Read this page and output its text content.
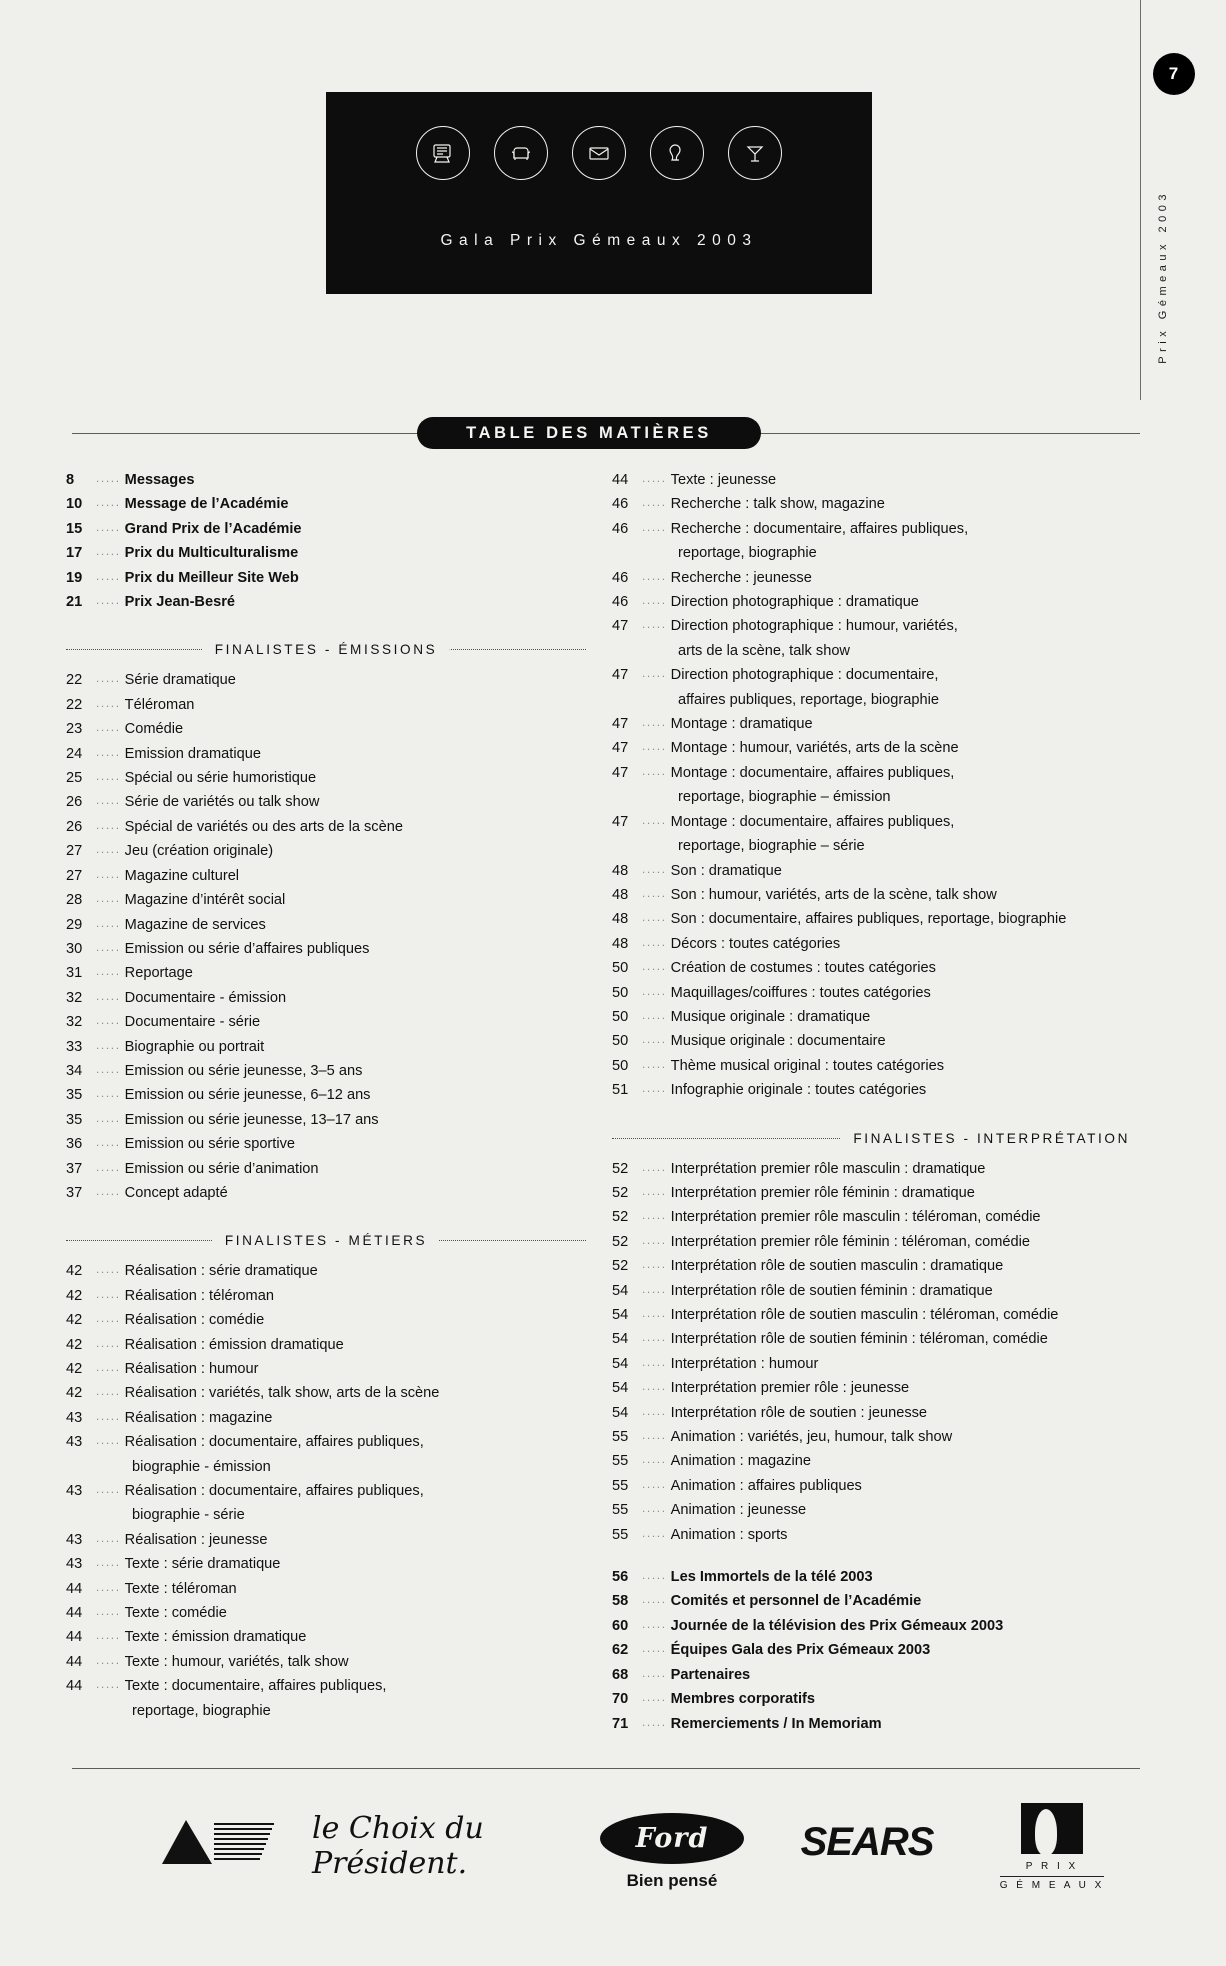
7
Prix Gémeaux 2003
Gala Prix Gémeaux 2003
TABLE DES MATIÈRES
8	..... Messages
10	..... Message de l’Académie
15	..... Grand Prix de l’Académie
17	..... Prix du Multiculturalisme
19	..... Prix du Meilleur Site Web
21	..... Prix Jean-Besré
FINALISTES - ÉMISSIONS
22	..... Série dramatique
22	..... Téléroman
23	..... Comédie
24	..... Emission dramatique
25	..... Spécial ou série humoristique
26	..... Série de variétés ou talk show
26	..... Spécial de variétés ou des arts de la scène
27	..... Jeu (création originale)
27	..... Magazine culturel
28	..... Magazine d’intérêt social
29	..... Magazine de services
30	..... Emission ou série d’affaires publiques
31	..... Reportage
32	..... Documentaire - émission
32	..... Documentaire - série
33	..... Biographie ou portrait
34	..... Emission ou série jeunesse, 3–5 ans
35	..... Emission ou série jeunesse, 6–12 ans
35	..... Emission ou série jeunesse, 13–17 ans
36	..... Emission ou série sportive
37	..... Emission ou série d’animation
37	..... Concept adapté
FINALISTES - MÉTIERS
42	..... Réalisation : série dramatique
42	..... Réalisation : téléroman
42	..... Réalisation : comédie
42	..... Réalisation : émission dramatique
42	..... Réalisation : humour
42	..... Réalisation : variétés, talk show, arts de la scène
43	..... Réalisation : magazine
43	..... Réalisation : documentaire, affaires publiques,
biographie - émission
43	..... Réalisation : documentaire, affaires publiques,
biographie - série
43	..... Réalisation : jeunesse
43	..... Texte : série dramatique
44	..... Texte : téléroman
44	..... Texte : comédie
44	..... Texte : émission dramatique
44	..... Texte : humour, variétés, talk show
44	..... Texte : documentaire, affaires publiques,
reportage, biographie
44	..... Texte : jeunesse
46	..... Recherche : talk show, magazine
46	..... Recherche : documentaire, affaires publiques,
reportage, biographie
46	..... Recherche : jeunesse
46	..... Direction photographique : dramatique
47	..... Direction photographique : humour, variétés,
arts de la scène, talk show
47	..... Direction photographique : documentaire,
affaires publiques, reportage, biographie
47	..... Montage : dramatique
47	..... Montage : humour, variétés, arts de la scène
47	..... Montage : documentaire, affaires publiques,
reportage, biographie – émission
47	..... Montage : documentaire, affaires publiques,
reportage, biographie – série
48	..... Son : dramatique
48	..... Son : humour, variétés, arts de la scène, talk show
48	..... Son : documentaire, affaires publiques, reportage, biographie
48	..... Décors : toutes catégories
50	..... Création de costumes : toutes catégories
50	..... Maquillages/coiffures : toutes catégories
50	..... Musique originale : dramatique
50	..... Musique originale : documentaire
50	..... Thème musical original : toutes catégories
51	..... Infographie originale : toutes catégories
FINALISTES - INTERPRÉTATION
52	..... Interprétation premier rôle masculin : dramatique
52	..... Interprétation premier rôle féminin : dramatique
52	..... Interprétation premier rôle masculin : téléroman, comédie
52	..... Interprétation premier rôle féminin : téléroman, comédie
52	..... Interprétation rôle de soutien masculin : dramatique
54	..... Interprétation rôle de soutien féminin : dramatique
54	..... Interprétation rôle de soutien masculin : téléroman, comédie
54	..... Interprétation rôle de soutien féminin : téléroman, comédie
54	..... Interprétation : humour
54	..... Interprétation premier rôle : jeunesse
54	..... Interprétation rôle de soutien : jeunesse
55	..... Animation : variétés, jeu, humour, talk show
55	..... Animation : magazine
55	..... Animation : affaires publiques
55	..... Animation : jeunesse
55	..... Animation : sports
56	..... Les Immortels de la télé 2003
58	..... Comités et personnel de l’Académie
60	..... Journée de la télévision des Prix Gémeaux 2003
62	..... Équipes Gala des Prix Gémeaux 2003
68	..... Partenaires
70	..... Membres corporatifs
71	..... Remerciements / In Memoriam
le Choix du Président.
Ford
Bien pensé
SEARS
P R I X
G É M E A U X
